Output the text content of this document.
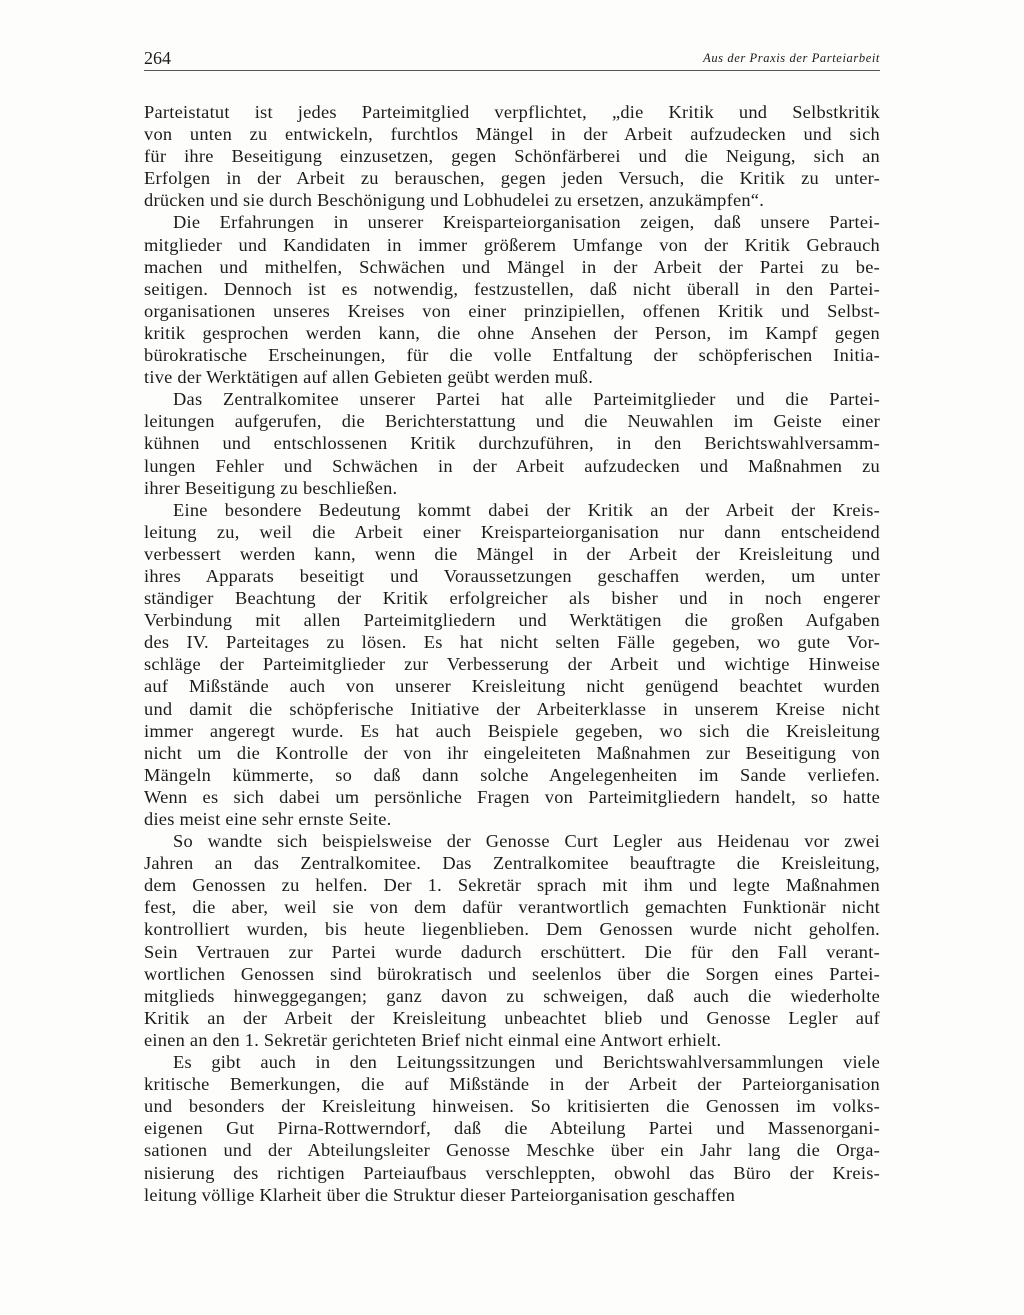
264	Aus der Praxis der Parteiarbeit
Parteistatut ist jedes Parteimitglied verpflichtet, „die Kritik und Selbstkritik
von unten zu entwickeln, furchtlos Mängel in der Arbeit aufzudecken und sich
für ihre Beseitigung einzusetzen, gegen Schönfärberei und die Neigung, sich an
Erfolgen in der Arbeit zu berauschen, gegen jeden Versuch, die Kritik zu unter-
drücken und sie durch Beschönigung und Lobhudelei zu ersetzen, anzukämpfen“.
Die Erfahrungen in unserer Kreisparteiorganisation zeigen, daß unsere Partei-
mitglieder und Kandidaten in immer größerem Umfange von der Kritik Gebrauch
machen und mithelfen, Schwächen und Mängel in der Arbeit der Partei zu be-
seitigen. Dennoch ist es notwendig, festzustellen, daß nicht überall in den Partei-
organisationen unseres Kreises von einer prinzipiellen, offenen Kritik und Selbst-
kritik gesprochen werden kann, die ohne Ansehen der Person, im Kampf gegen
bürokratische Erscheinungen, für die volle Entfaltung der schöpferischen Initia-
tive der Werktätigen auf allen Gebieten geübt werden muß.
Das Zentralkomitee unserer Partei hat alle Parteimitglieder und die Partei-
leitungen aufgerufen, die Berichterstattung und die Neuwahlen im Geiste einer
kühnen und entschlossenen Kritik durchzuführen, in den Berichtswahlversamm-
lungen Fehler und Schwächen in der Arbeit aufzudecken und Maßnahmen zu
ihrer Beseitigung zu beschließen.
Eine besondere Bedeutung kommt dabei der Kritik an der Arbeit der Kreis-
leitung zu, weil die Arbeit einer Kreisparteiorganisation nur dann entscheidend
verbessert werden kann, wenn die Mängel in der Arbeit der Kreisleitung und
ihres Apparats beseitigt und Voraussetzungen geschaffen werden, um unter
ständiger Beachtung der Kritik erfolgreicher als bisher und in noch engerer
Verbindung mit allen Parteimitgliedern und Werktätigen die großen Aufgaben
des IV. Parteitages zu lösen. Es hat nicht selten Fälle gegeben, wo gute Vor-
schläge der Parteimitglieder zur Verbesserung der Arbeit und wichtige Hinweise
auf Mißstände auch von unserer Kreisleitung nicht genügend beachtet wurden
und damit die schöpferische Initiative der Arbeiterklasse in unserem Kreise nicht
immer angeregt wurde. Es hat auch Beispiele gegeben, wo sich die Kreisleitung
nicht um die Kontrolle der von ihr eingeleiteten Maßnahmen zur Beseitigung von
Mängeln kümmerte, so daß dann solche Angelegenheiten im Sande verliefen.
Wenn es sich dabei um persönliche Fragen von Parteimitgliedern handelt, so hatte
dies meist eine sehr ernste Seite.
So wandte sich beispielsweise der Genosse Curt Legler aus Heidenau vor zwei
Jahren an das Zentralkomitee. Das Zentralkomitee beauftragte die Kreisleitung,
dem Genossen zu helfen. Der 1. Sekretär sprach mit ihm und legte Maßnahmen
fest, die aber, weil sie von dem dafür verantwortlich gemachten Funktionär nicht
kontrolliert wurden, bis heute liegenblieben. Dem Genossen wurde nicht geholfen.
Sein Vertrauen zur Partei wurde dadurch erschüttert. Die für den Fall verant-
wortlichen Genossen sind bürokratisch und seelenlos über die Sorgen eines Partei-
mitglieds hinweggegangen; ganz davon zu schweigen, daß auch die wiederholte
Kritik an der Arbeit der Kreisleitung unbeachtet blieb und Genosse Legler auf
einen an den 1. Sekretär gerichteten Brief nicht einmal eine Antwort erhielt.
Es gibt auch in den Leitungssitzungen und Berichtswahlversammlungen viele
kritische Bemerkungen, die auf Mißstände in der Arbeit der Parteiorganisation
und besonders der Kreisleitung hinweisen. So kritisierten die Genossen im volks-
eigenen Gut Pirna-Rottwerndorf, daß die Abteilung Partei und Massenorgani-
sationen und der Abteilungsleiter Genosse Meschke über ein Jahr lang die Orga-
nisierung des richtigen Parteiaufbaus verschleppten, obwohl das Büro der Kreis-
leitung völlige Klarheit über die Struktur dieser Parteiorganisation geschaffen
